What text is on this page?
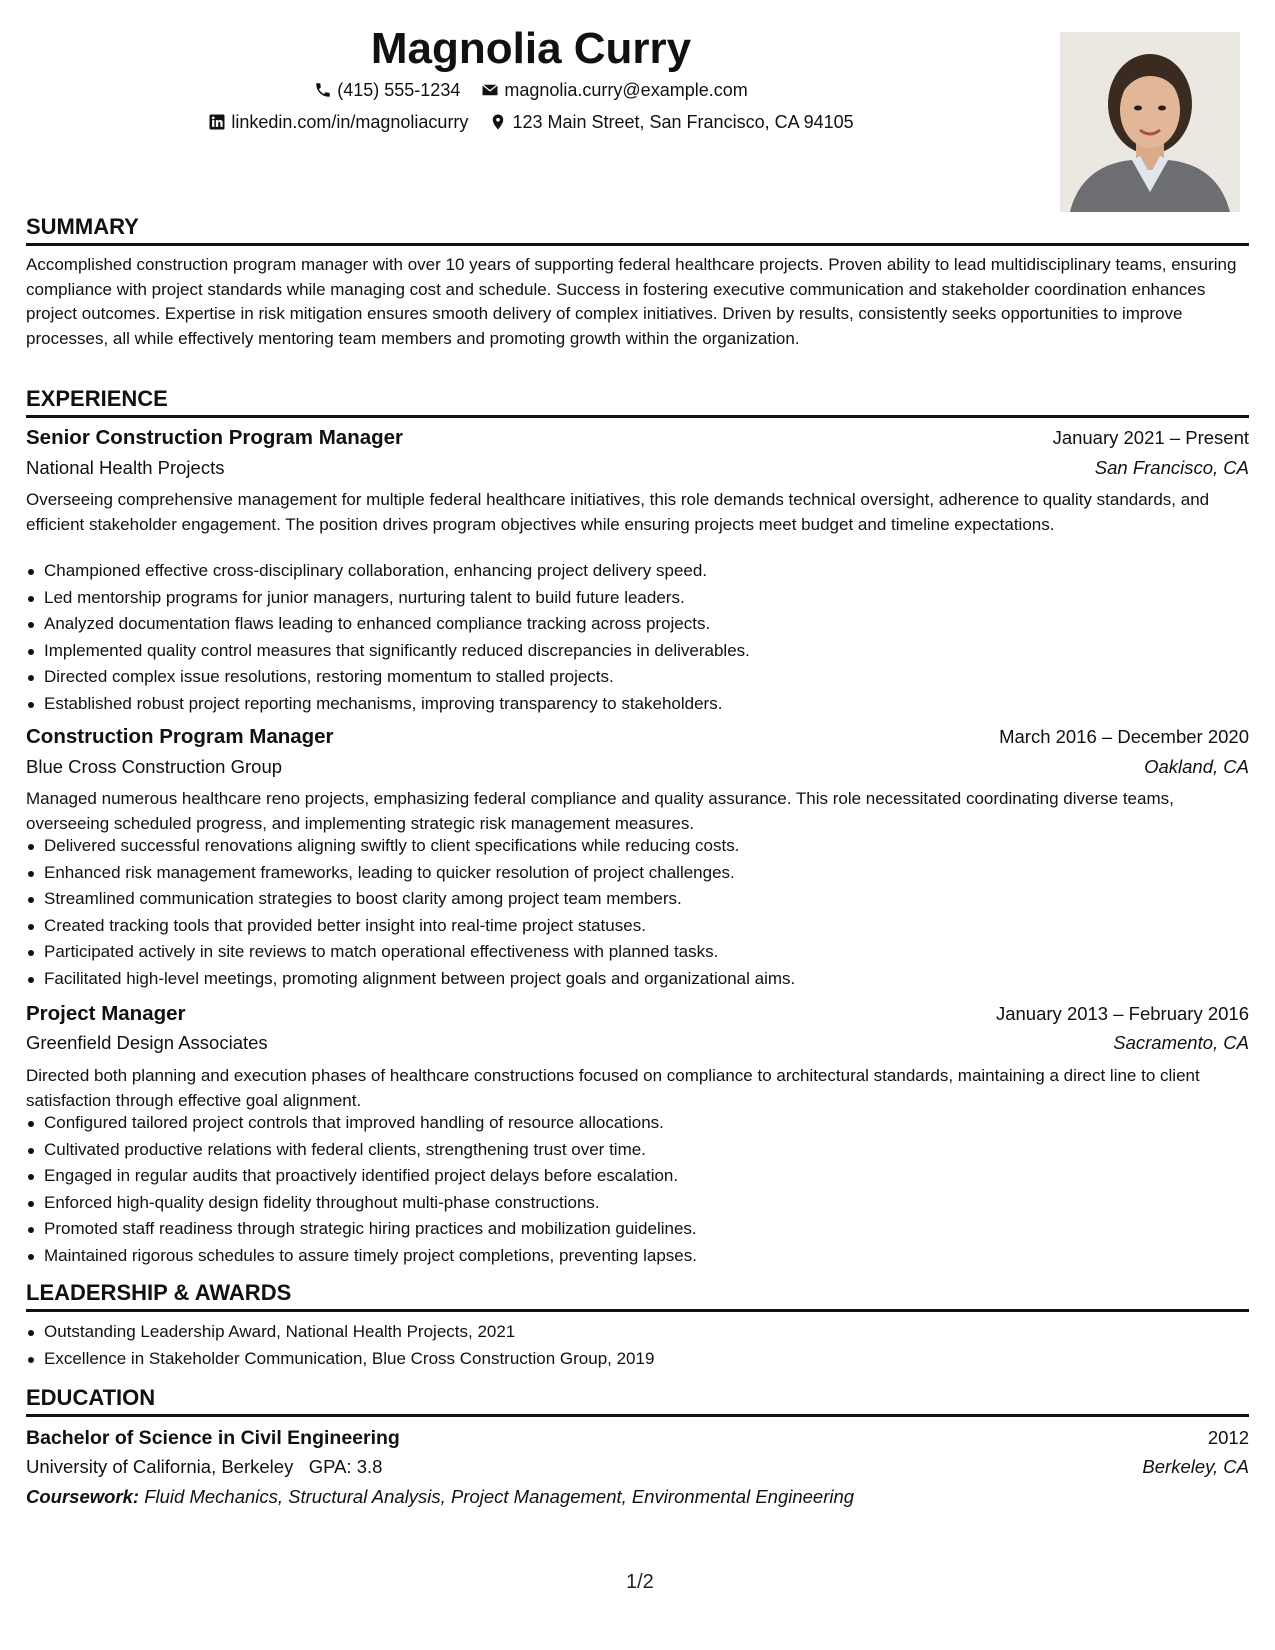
Magnolia Curry
(415) 555-1234
magnolia.curry@example.com
linkedin.com/in/magnoliacurry
123 Main Street, San Francisco, CA 94105
SUMMARY
Accomplished construction program manager with over 10 years of supporting federal healthcare projects. Proven ability to lead multidisciplinary teams, ensuring compliance with project standards while managing cost and schedule. Success in fostering executive communication and stakeholder coordination enhances project outcomes. Expertise in risk mitigation ensures smooth delivery of complex initiatives. Driven by results, consistently seeks opportunities to improve processes, all while effectively mentoring team members and promoting growth within the organization.
EXPERIENCE
Senior Construction Program Manager	January 2021 – Present
National Health Projects	San Francisco, CA
Overseeing comprehensive management for multiple federal healthcare initiatives, this role demands technical oversight, adherence to quality standards, and efficient stakeholder engagement. The position drives program objectives while ensuring projects meet budget and timeline expectations.
Championed effective cross-disciplinary collaboration, enhancing project delivery speed.
Led mentorship programs for junior managers, nurturing talent to build future leaders.
Analyzed documentation flaws leading to enhanced compliance tracking across projects.
Implemented quality control measures that significantly reduced discrepancies in deliverables.
Directed complex issue resolutions, restoring momentum to stalled projects.
Established robust project reporting mechanisms, improving transparency to stakeholders.
Construction Program Manager	March 2016 – December 2020
Blue Cross Construction Group	Oakland, CA
Managed numerous healthcare reno projects, emphasizing federal compliance and quality assurance. This role necessitated coordinating diverse teams, overseeing scheduled progress, and implementing strategic risk management measures.
Delivered successful renovations aligning swiftly to client specifications while reducing costs.
Enhanced risk management frameworks, leading to quicker resolution of project challenges.
Streamlined communication strategies to boost clarity among project team members.
Created tracking tools that provided better insight into real-time project statuses.
Participated actively in site reviews to match operational effectiveness with planned tasks.
Facilitated high-level meetings, promoting alignment between project goals and organizational aims.
Project Manager	January 2013 – February 2016
Greenfield Design Associates	Sacramento, CA
Directed both planning and execution phases of healthcare constructions focused on compliance to architectural standards, maintaining a direct line to client satisfaction through effective goal alignment.
Configured tailored project controls that improved handling of resource allocations.
Cultivated productive relations with federal clients, strengthening trust over time.
Engaged in regular audits that proactively identified project delays before escalation.
Enforced high-quality design fidelity throughout multi-phase constructions.
Promoted staff readiness through strategic hiring practices and mobilization guidelines.
Maintained rigorous schedules to assure timely project completions, preventing lapses.
LEADERSHIP & AWARDS
Outstanding Leadership Award, National Health Projects, 2021
Excellence in Stakeholder Communication, Blue Cross Construction Group, 2019
EDUCATION
Bachelor of Science in Civil Engineering	2012
University of California, Berkeley   GPA: 3.8	Berkeley, CA
Coursework: Fluid Mechanics, Structural Analysis, Project Management, Environmental Engineering
1/2
